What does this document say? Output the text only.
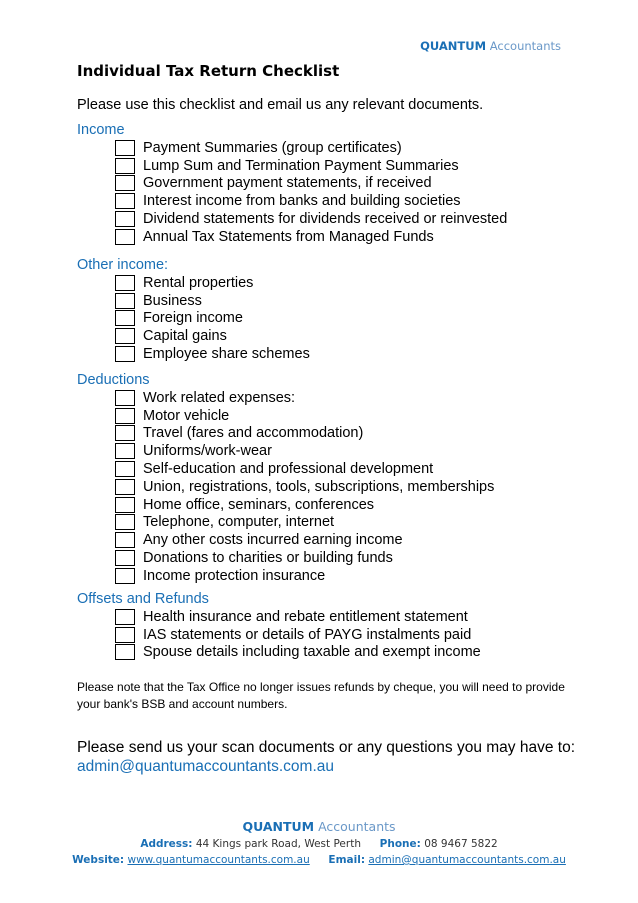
QUANTUM Accountants
Individual Tax Return Checklist
Please use this checklist and email us any relevant documents.
Income
Payment Summaries (group certificates)
Lump Sum and Termination Payment Summaries
Government payment statements, if received
Interest income from banks and building societies
Dividend statements for dividends received or reinvested
Annual Tax Statements from Managed Funds
Other income:
Rental properties
Business
Foreign income
Capital gains
Employee share schemes
Deductions
Work related expenses:
Motor vehicle
Travel (fares and accommodation)
Uniforms/work-wear
Self-education and professional development
Union, registrations, tools, subscriptions, memberships
Home office, seminars, conferences
Telephone, computer, internet
Any other costs incurred earning income
Donations to charities or building funds
Income protection insurance
Offsets and Refunds
Health insurance and rebate entitlement statement
IAS statements or details of PAYG instalments paid
Spouse details including taxable and exempt income
Please note that the Tax Office no longer issues refunds by cheque, you will need to provide your bank's BSB and account numbers.
Please send us your scan documents or any questions you may have to:
admin@quantumaccountants.com.au
QUANTUM Accountants
Address: 44 Kings park Road, West Perth Phone: 08 9467 5822
Website: www.quantumaccountants.com.au Email: admin@quantumaccountants.com.au
